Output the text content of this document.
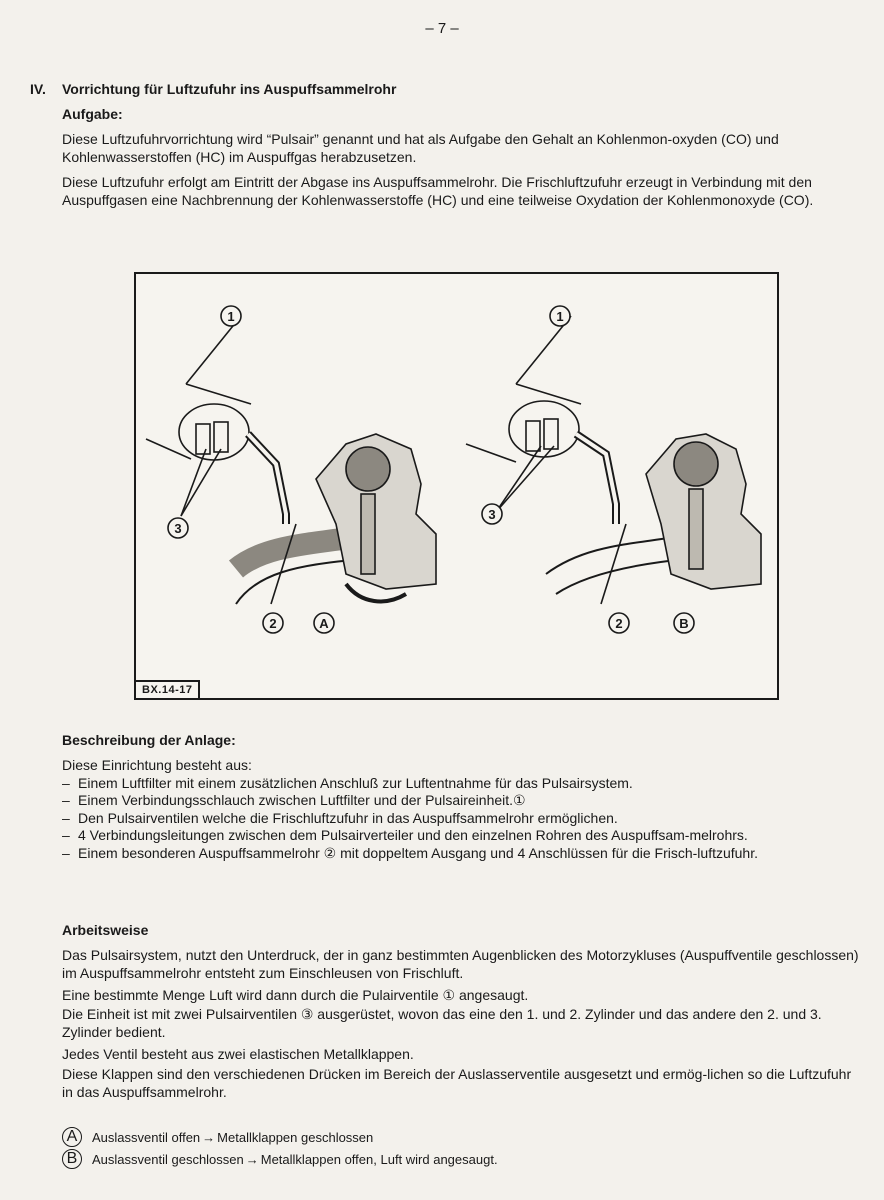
– 7 –
IV. Vorrichtung für Luftzufuhr ins Auspuffsammelrohr
Aufgabe:
Diese Luftzufuhrvorrichtung wird “Pulsair” genannt und hat als Aufgabe den Gehalt an Kohlenmon-oxyden (CO) und Kohlenwasserstoffen (HC) im Auspuffgas herabzusetzen.
Diese Luftzufuhr erfolgt am Eintritt der Abgase ins Auspuffsammelrohr. Die Frischluftzufuhr erzeugt in Verbindung mit den Auspuffgasen eine Nachbrennung der Kohlenwasserstoffe (HC) und eine teilweise Oxydation der Kohlenmonoxyde (CO).
1
3
2	A
1
3
2	B
BX.14-17
Beschreibung der Anlage:
Diese Einrichtung besteht aus:
– Einem Luftfilter mit einem zusätzlichen Anschluß zur Luftentnahme für das Pulsairsystem.
– Einem Verbindungsschlauch zwischen Luftfilter und der Pulsaireinheit.①
– Den Pulsairventilen welche die Frischluftzufuhr in das Auspuffsammelrohr ermöglichen.
– 4 Verbindungsleitungen zwischen dem Pulsairverteiler und den einzelnen Rohren des Auspuffsam-melrohrs.
– Einem besonderen Auspuffsammelrohr ② mit doppeltem Ausgang und 4 Anschlüssen für die Frisch-luftzufuhr.
Arbeitsweise
Das Pulsairsystem, nutzt den Unterdruck, der in ganz bestimmten Augenblicken des Motorzykluses (Auspuffventile geschlossen) im Auspuffsammelrohr entsteht zum Einschleusen von Frischluft.
Eine bestimmte Menge Luft wird dann durch die Pulairventile ① angesaugt.
Die Einheit ist mit zwei Pulsairventilen ③ ausgerüstet, wovon das eine den 1. und 2. Zylinder und das andere den 2. und 3. Zylinder bedient.
Jedes Ventil besteht aus zwei elastischen Metallklappen.
Diese Klappen sind den verschiedenen Drücken im Bereich der Auslasserventile ausgesetzt und ermög-lichen so die Luftzufuhr in das Auspuffsammelrohr.
A	Auslassventil offen → Metallklappen geschlossen
B	Auslassventil geschlossen → Metallklappen offen, Luft wird angesaugt.
